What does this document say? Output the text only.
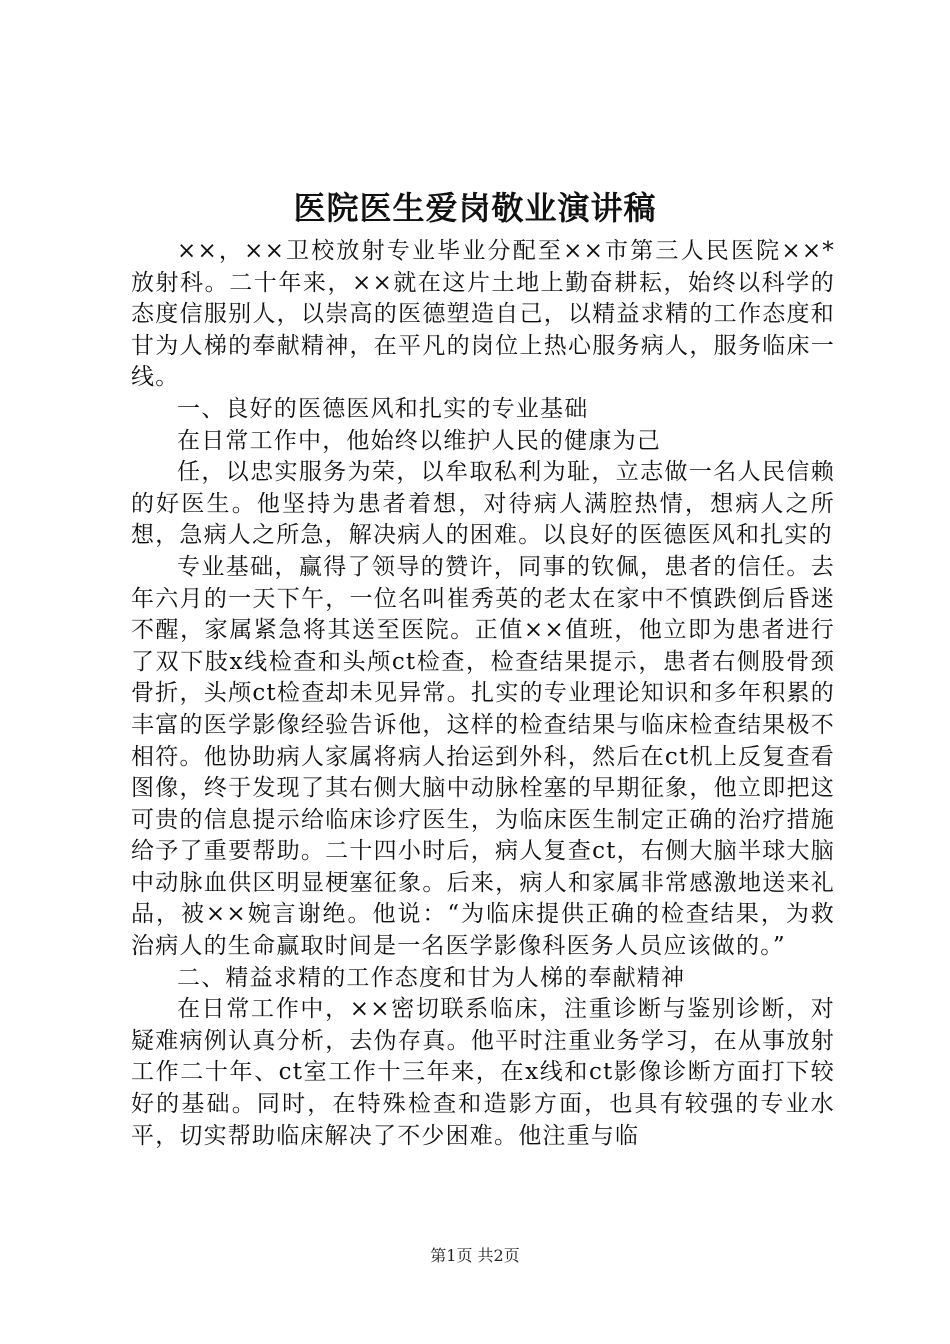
医院医生爱岗敬业演讲稿

××，××卫校放射专业毕业分配至××市第三人民医院××*放射科。二十年来，××就在这片土地上勤奋耕耘，始终以科学的态度信服别人，以崇高的医德塑造自己，以精益求精的工作态度和甘为人梯的奉献精神，在平凡的岗位上热心服务病人，服务临床一线。

一、良好的医德医风和扎实的专业基础

在日常工作中，他始终以维护人民的健康为己

任，以忠实服务为荣，以牟取私利为耻，立志做一名人民信赖的好医生。他坚持为患者着想，对待病人满腔热情，想病人之所想，急病人之所急，解决病人的困难。以良好的医德医风和扎实的

专业基础，赢得了领导的赞许，同事的钦佩，患者的信任。去年六月的一天下午，一位名叫崔秀英的老太在家中不慎跌倒后昏迷不醒，家属紧急将其送至医院。正值××值班，他立即为患者进行了双下肢x线检查和头颅ct检查，检查结果提示，患者右侧股骨颈骨折，头颅ct检查却未见异常。扎实的专业理论知识和多年积累的丰富的医学影像经验告诉他，这样的检查结果与临床检查结果极不相符。他协助病人家属将病人抬运到外科，然后在ct机上反复查看图像，终于发现了其右侧大脑中动脉栓塞的早期征象，他立即把这可贵的信息提示给临床诊疗医生，为临床医生制定正确的治疗措施给予了重要帮助。二十四小时后，病人复查ct，右侧大脑半球大脑中动脉血供区明显梗塞征象。后来，病人和家属非常感激地送来礼品，被××婉言谢绝。他说：“为临床提供正确的检查结果，为救治病人的生命赢取时间是一名医学影像科医务人员应该做的。”

二、精益求精的工作态度和甘为人梯的奉献精神

在日常工作中，××密切联系临床，注重诊断与鉴别诊断，对疑难病例认真分析，去伪存真。他平时注重业务学习，在从事放射工作二十年、ct室工作十三年来，在x线和ct影像诊断方面打下较好的基础。同时，在特殊检查和造影方面，也具有较强的专业水平，切实帮助临床解决了不少困难。他注重与临

第1页 共2页
